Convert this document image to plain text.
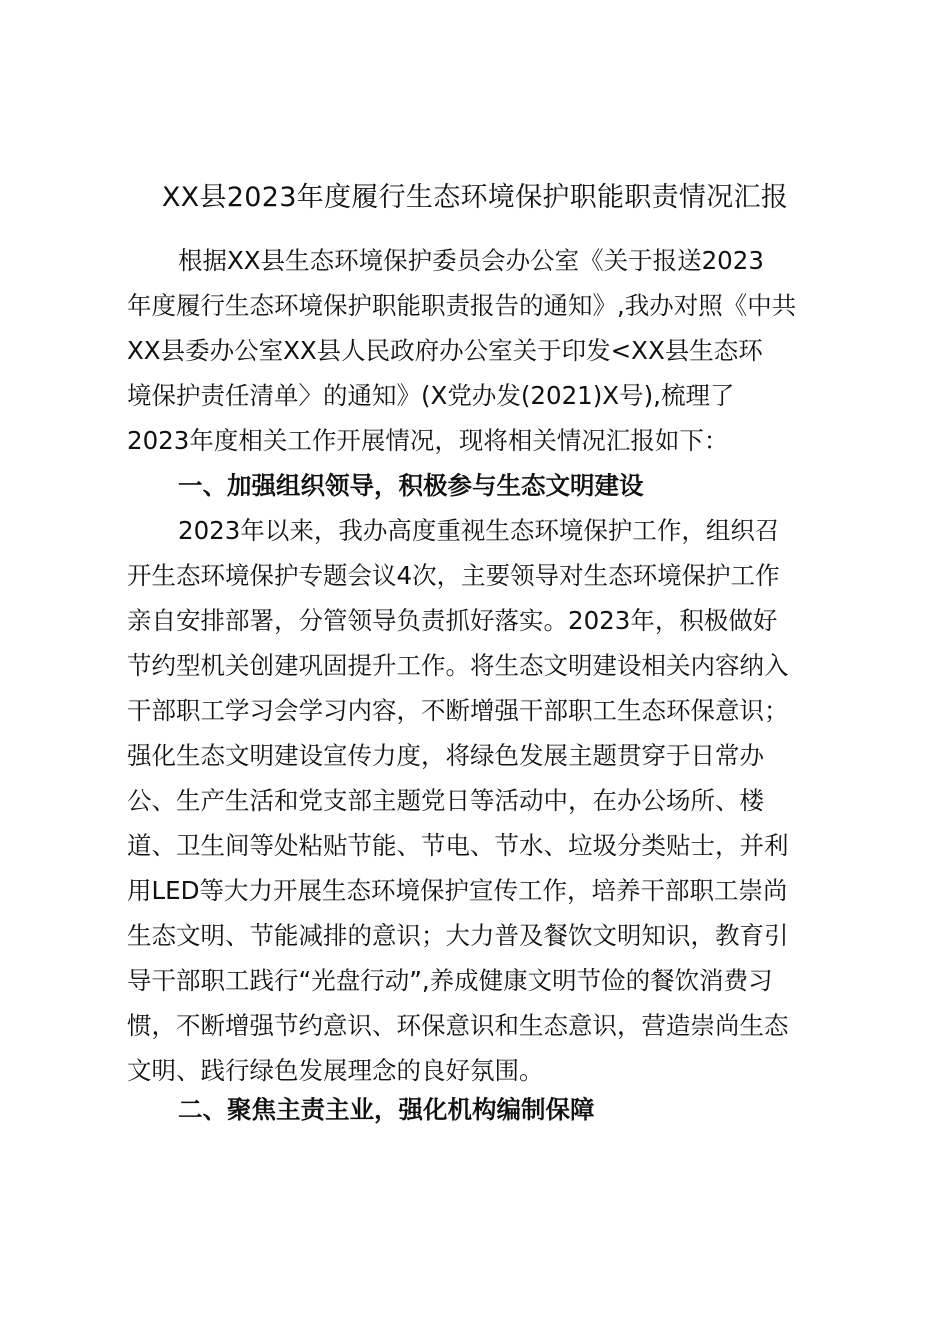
XX县2023年度履行生态环境保护职能职责情况汇报
根据XX县生态环境保护委员会办公室《关于报送2023
年度履行生态环境保护职能职责报告的通知》,我办对照《中共
XX县委办公室XX县人民政府办公室关于印发<XX县生态环
境保护责任清单〉的通知》(X党办发(2021)X号),梳理了
2023年度相关工作开展情况，现将相关情况汇报如下：
一、加强组织领导，积极参与生态文明建设
2023年以来，我办高度重视生态环境保护工作，组织召
开生态环境保护专题会议4次，主要领导对生态环境保护工作
亲自安排部署，分管领导负责抓好落实。2023年，积极做好
节约型机关创建巩固提升工作。将生态文明建设相关内容纳入
干部职工学习会学习内容，不断增强干部职工生态环保意识；
强化生态文明建设宣传力度，将绿色发展主题贯穿于日常办
公、生产生活和党支部主题党日等活动中，在办公场所、楼
道、卫生间等处粘贴节能、节电、节水、垃圾分类贴士，并利
用LED等大力开展生态环境保护宣传工作，培养干部职工崇尚
生态文明、节能减排的意识；大力普及餐饮文明知识，教育引
导干部职工践行“光盘行动”,养成健康文明节俭的餐饮消费习
惯，不断增强节约意识、环保意识和生态意识，营造崇尚生态
文明、践行绿色发展理念的良好氛围。
二、聚焦主责主业，强化机构编制保障
